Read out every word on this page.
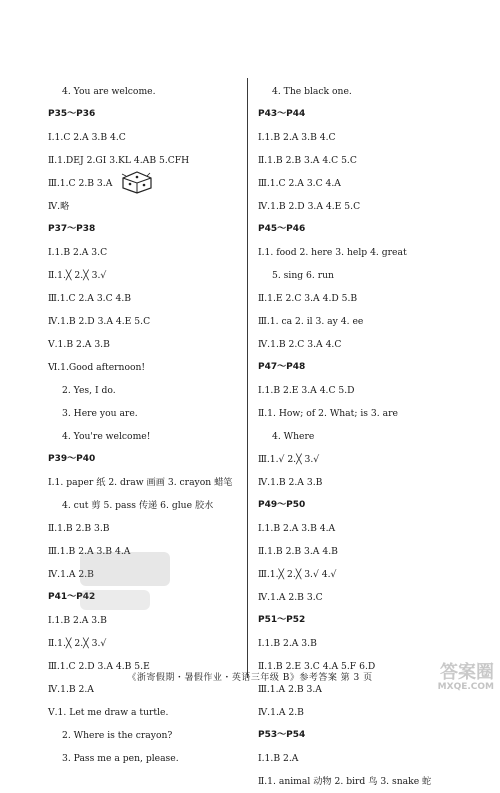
4. You are welcome.
P35～P36
Ⅰ.1.C 2.A 3.B 4.C
Ⅱ.1.DEJ 2.GI 3.KL 4.AB 5.CFH
Ⅲ.1.C 2.B 3.A
Ⅳ.略
P37～P38
Ⅰ.1.B 2.A 3.C
Ⅱ.1.╳ 2.╳ 3.√
Ⅲ.1.C 2.A 3.C 4.B
Ⅳ.1.B 2.D 3.A 4.E 5.C
Ⅴ.1.B 2.A 3.B
Ⅵ.1.Good afternoon!
2. Yes, I do.
3. Here you are.
4. You're welcome!
P39～P40
Ⅰ.1. paper 纸 2. draw 画画 3. crayon 蜡笔
4. cut 剪 5. pass 传递 6. glue 胶水
Ⅱ.1.B 2.B 3.B
Ⅲ.1.B 2.A 3.B 4.A
Ⅳ.1.A 2.B
P41～P42
Ⅰ.1.B 2.A 3.B
Ⅱ.1.╳ 2.╳ 3.√
Ⅲ.1.C 2.D 3.A 4.B 5.E
Ⅳ.1.B 2.A
Ⅴ.1. Let me draw a turtle.
2. Where is the crayon?
3. Pass me a pen, please.
4. The black one.
P43～P44
Ⅰ.1.B 2.A 3.B 4.C
Ⅱ.1.B 2.B 3.A 4.C 5.C
Ⅲ.1.C 2.A 3.C 4.A
Ⅳ.1.B 2.D 3.A 4.E 5.C
P45～P46
Ⅰ.1. food 2. here 3. help 4. great
5. sing 6. run
Ⅱ.1.E 2.C 3.A 4.D 5.B
Ⅲ.1. ca 2. il 3. ay 4. ee
Ⅳ.1.B 2.C 3.A 4.C
P47～P48
Ⅰ.1.B 2.E 3.A 4.C 5.D
Ⅱ.1. How; of 2. What; is 3. are
4. Where
Ⅲ.1.√ 2.╳ 3.√
Ⅳ.1.B 2.A 3.B
P49～P50
Ⅰ.1.B 2.A 3.B 4.A
Ⅱ.1.B 2.B 3.A 4.B
Ⅲ.1.╳ 2.╳ 3.√ 4.√
Ⅳ.1.A 2.B 3.C
P51～P52
Ⅰ.1.B 2.A 3.B
Ⅱ.1.B 2.E 3.C 4.A 5.F 6.D
Ⅲ.1.A 2.B 3.A
Ⅳ.1.A 2.B
P53～P54
Ⅰ.1.B 2.A
Ⅱ.1. animal 动物 2. bird 鸟 3. snake 蛇
《浙寄假期・暑假作业・英语三年级 B》参考答案 第 3 页	答案圈
MXQE.COM
